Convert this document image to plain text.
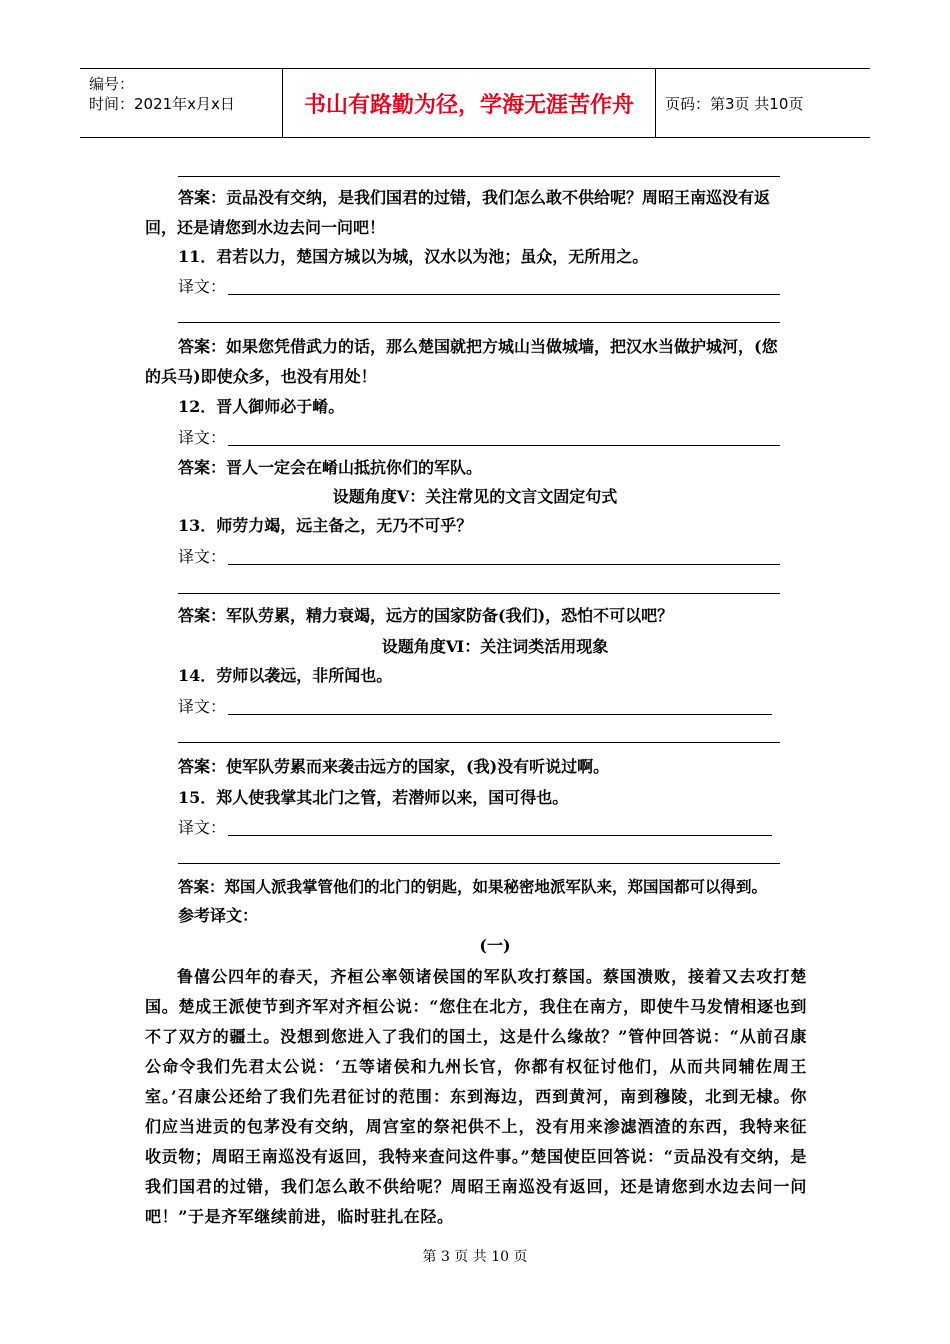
编号：
时间：2021年x月x日	书山有路勤为径，学海无涯苦作舟	页码：第3页 共10页
答案：贡品没有交纳，是我们国君的过错，我们怎么敢不供给呢？周昭王南巡没有返
回，还是请您到水边去问一问吧！
11．君若以力，楚国方城以为城，汉水以为池；虽众，无所用之。
译文：
答案：如果您凭借武力的话，那么楚国就把方城山当做城墙，把汉水当做护城河，(您
的兵马)即使众多，也没有用处！
12．晋人御师必于崤。
译文：
答案：晋人一定会在崤山抵抗你们的军队。
设题角度Ⅴ：关注常见的文言文固定句式
13．师劳力竭，远主备之，无乃不可乎？
译文：
答案：军队劳累，精力衰竭，远方的国家防备(我们)，恐怕不可以吧？
设题角度Ⅵ：关注词类活用现象
14．劳师以袭远，非所闻也。
译文：
答案：使军队劳累而来袭击远方的国家，(我)没有听说过啊。
15．郑人使我掌其北门之管，若潜师以来，国可得也。
译文：
答案：郑国人派我掌管他们的北门的钥匙，如果秘密地派军队来，郑国国都可以得到。
参考译文：
(一)
鲁僖公四年的春天，齐桓公率领诸侯国的军队攻打蔡国。蔡国溃败，接着又去攻打楚国。楚成王派使节到齐军对齐桓公说：“您住在北方，我住在南方，即使牛马发情相逐也到不了双方的疆土。没想到您进入了我们的国土，这是什么缘故？”管仲回答说：“从前召康公命令我们先君太公说：‘五等诸侯和九州长官，你都有权征讨他们，从而共同辅佐周王室。’召康公还给了我们先君征讨的范围：东到海边，西到黄河，南到穆陵，北到无棣。你们应当进贡的包茅没有交纳，周宫室的祭祀供不上，没有用来渗滤酒渣的东西，我特来征收贡物；周昭王南巡没有返回，我特来查问这件事。”楚国使臣回答说：“贡品没有交纳，是我们国君的过错，我们怎么敢不供给呢？周昭王南巡没有返回，还是请您到水边去问一问吧！”于是齐军继续前进，临时驻扎在陉。
第 3 页 共 10 页
